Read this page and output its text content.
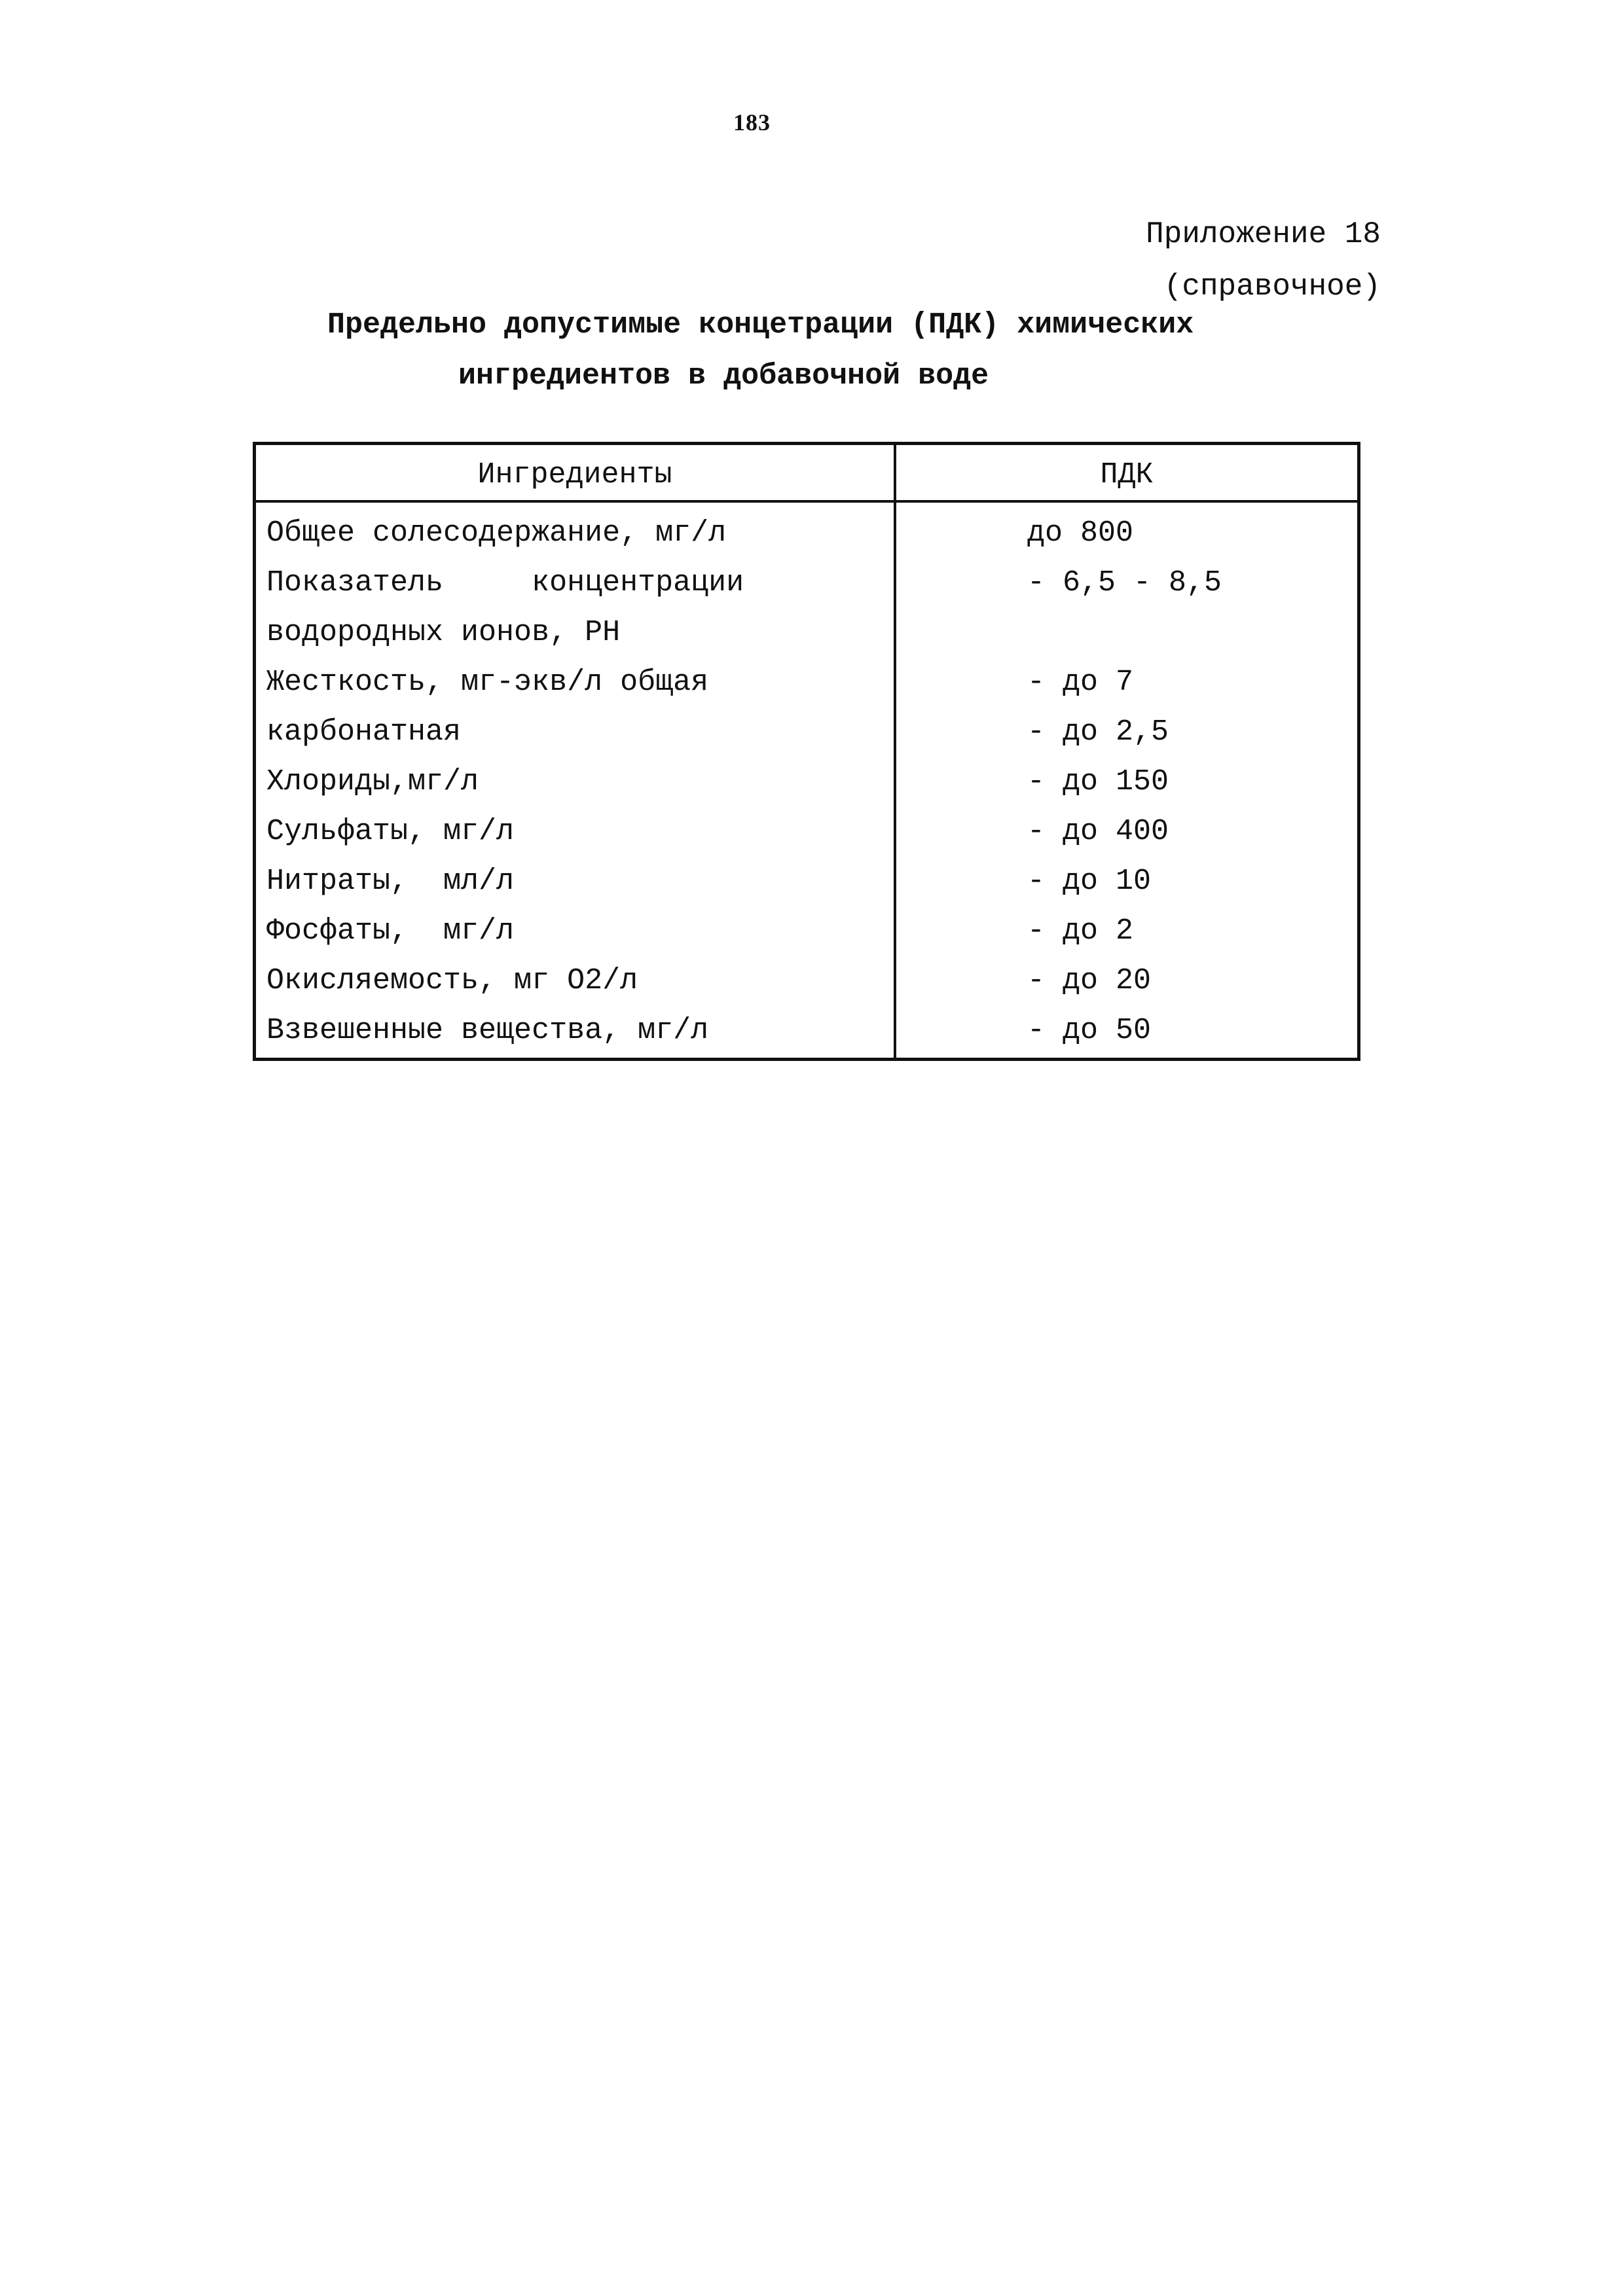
183
Приложение 18
(справочное)
Предельно допустимые концетрации (ПДК) химических
ингредиентов в добавочной воде
Ингредиенты	ПДК
Общее солесодержание, мг/л	до 800
Показатель     концентрации	- 6,5 - 8,5
водородных ионов, РН	
Жесткость, мг-экв/л общая	- до 7
карбонатная	- до 2,5
Хлориды,мг/л	- до 150
Сульфаты, мг/л	- до 400
Нитраты,  мл/л	- до 10
Фосфаты,  мг/л	- до 2
Окисляемость, мг О2/л	- до 20
Взвешенные вещества, мг/л	- до 50
